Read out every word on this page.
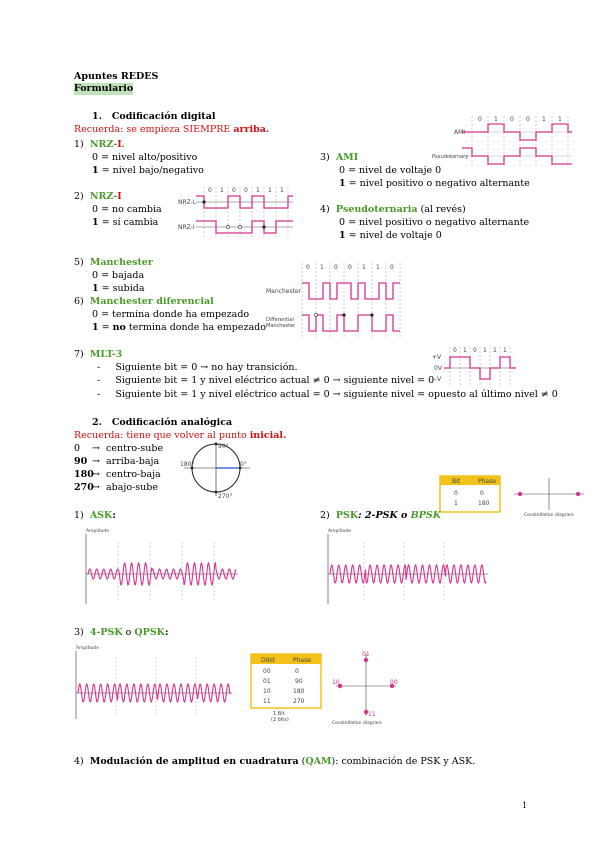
Apuntes REDES
Formulario
1. Codificación digital
Recuerda: se empieza SIEMPRE arriba.
1) NRZ-L
0 = nivel alto/positivo
1 = nivel bajo/negativo
2) NRZ-I
0 = no cambia
1 = sí cambia
3) AMI
0 = nivel de voltaje 0
1 = nivel positivo o negativo alternante
4) Pseudoternaria (al revés)
0 = nivel positivo o negativo alternante
1 = nivel de voltaje 0
5) Manchester
0 = bajada
1 = subida
6) Manchester diferencial
0 = termina donde ha empezado
1 = no termina donde ha empezado
7) MLT-3
-     Siguiente bit = 0 → no hay transición.
-     Siguiente bit = 1 y nivel eléctrico actual ≠ 0 → siguiente nivel = 0
-     Siguiente bit = 1 y nivel eléctrico actual = 0 → siguiente nivel = opuesto al último nivel ≠ 0
AMI
Pseudoternary
0 1 0 0 1 1
NRZ-L
NRZ-I
0 1 0 0 1 1 1
Manchester
Differential
Manchester
0 1 0 0 1 1 0
+V
0V
−V
0 1 0 1 1 1
2. Codificación analógica
Recuerda: tiene que volver al punto inicial.
0 → centro-sube
90 → arriba-baja
180→ centro-baja
270→ abajo-sube
180°	0°
90°
270°
Bit	Phase
0	0
1	180
Constellation diagram
1) ASK:	2) PSK: 2-PSK o BPSK
Amplitude	Amplitude
3) 4-PSK o QPSK:
Amplitude
Dibit	Phase
00	0
01	90
10	180
11	270
1 Bit
(2 bits)
01
10	00
11
Constellation diagram
4) Modulación de amplitud en cuadratura (QAM): combinación de PSK y ASK.
1
